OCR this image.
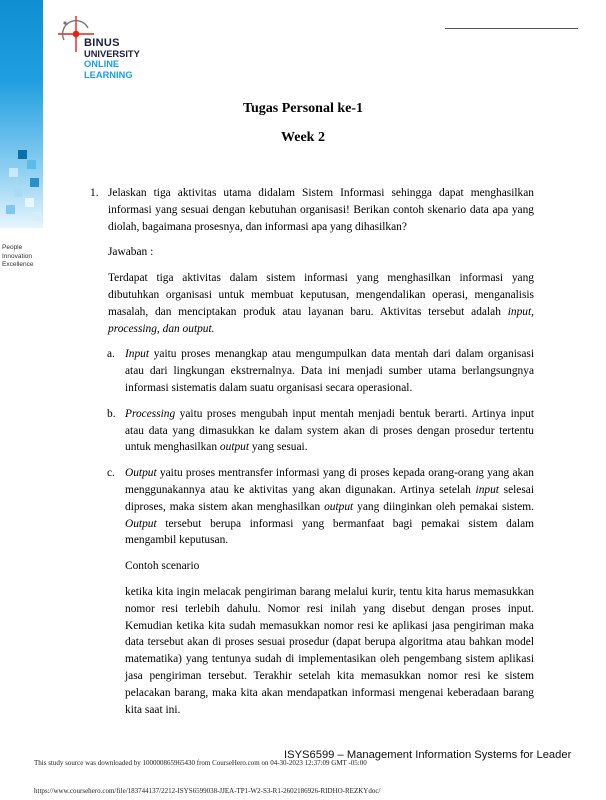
People
Innovation
Excellence
BINUS
UNIVERSITY
ONLINE
LEARNING
Tugas Personal ke-1
Week 2

1. Jelaskan tiga aktivitas utama didalam Sistem Informasi sehingga dapat menghasilkan informasi yang sesuai dengan kebutuhan organisasi! Berikan contoh skenario data apa yang diolah, bagaimana prosesnya, dan informasi apa yang dihasilkan?

Jawaban :

Terdapat tiga aktivitas dalam sistem informasi yang menghasilkan informasi yang dibutuhkan organisasi untuk membuat keputusan, mengendalikan operasi, menganalisis masalah, dan menciptakan produk atau layanan baru. Aktivitas tersebut adalah input, processing, dan output.

a. Input yaitu proses menangkap atau mengumpulkan data mentah dari dalam organisasi atau dari lingkungan ekstrernalnya. Data ini menjadi sumber utama berlangsungnya informasi sistematis dalam suatu organisasi secara operasional.

b. Processing yaitu proses mengubah input mentah menjadi bentuk berarti. Artinya input atau data yang dimasukkan ke dalam system akan di proses dengan prosedur tertentu untuk menghasilkan output yang sesuai.

c. Output yaitu proses mentransfer informasi yang di proses kepada orang-orang yang akan menggunakannya atau ke aktivitas yang akan digunakan. Artinya setelah input selesai diproses, maka sistem akan menghasilkan output yang diinginkan oleh pemakai sistem. Output tersebut berupa informasi yang bermanfaat bagi pemakai sistem dalam mengambil keputusan.

Contoh scenario

ketika kita ingin melacak pengiriman barang melalui kurir, tentu kita harus memasukkan nomor resi terlebih dahulu. Nomor resi inilah yang disebut dengan proses input. Kemudian ketika kita sudah memasukkan nomor resi ke aplikasi jasa pengiriman maka data tersebut akan di proses sesuai prosedur (dapat berupa algoritma atau bahkan model matematika) yang tentunya sudah di implementasikan oleh pengembang sistem aplikasi jasa pengiriman tersebut. Terakhir setelah kita memasukkan nomor resi ke sistem pelacakan barang, maka kita akan mendapatkan informasi mengenai keberadaan barang kita saat ini.

ISYS6599 – Management Information Systems for Leader
This study source was downloaded by 100000865965430 from CourseHero.com on 04-30-2023 12:37:09 GMT -05:00
https://www.coursehero.com/file/183744137/2212-ISYS6599038-JJEA-TP1-W2-S3-R1-2602186926-RIDHO-REZKYdoc/
